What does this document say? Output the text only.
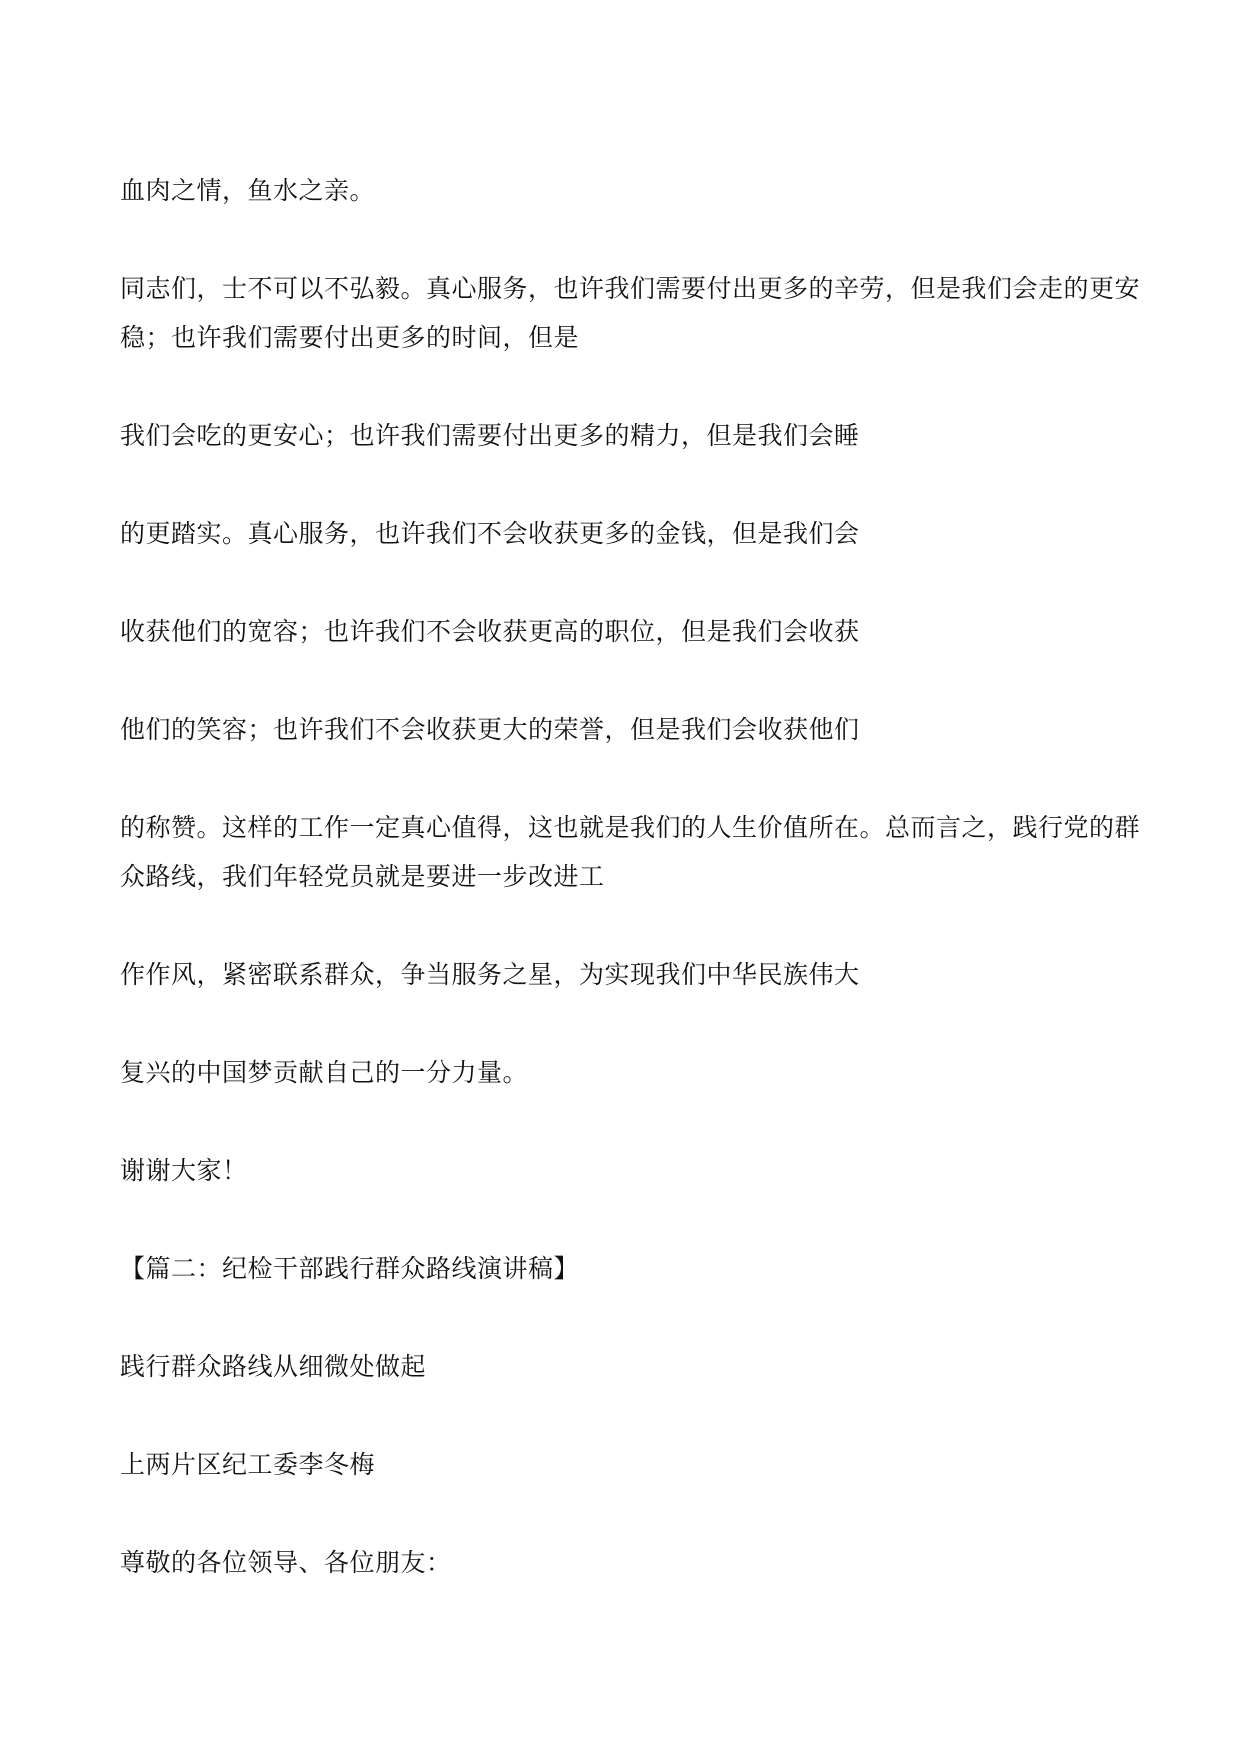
血肉之情，鱼水之亲。

同志们，士不可以不弘毅。真心服务，也许我们需要付出更多的辛劳，但是我们会走的更安

稳；也许我们需要付出更多的时间，但是

我们会吃的更安心；也许我们需要付出更多的精力，但是我们会睡

的更踏实。真心服务，也许我们不会收获更多的金钱，但是我们会

收获他们的宽容；也许我们不会收获更高的职位，但是我们会收获

他们的笑容；也许我们不会收获更大的荣誉，但是我们会收获他们

的称赞。这样的工作一定真心值得，这也就是我们的人生价值所在。总而言之，践行党的群

众路线，我们年轻党员就是要进一步改进工

作作风，紧密联系群众，争当服务之星，为实现我们中华民族伟大

复兴的中国梦贡献自己的一分力量。

谢谢大家！

【篇二：纪检干部践行群众路线演讲稿】

践行群众路线从细微处做起

上两片区纪工委李冬梅

尊敬的各位领导、各位朋友：
